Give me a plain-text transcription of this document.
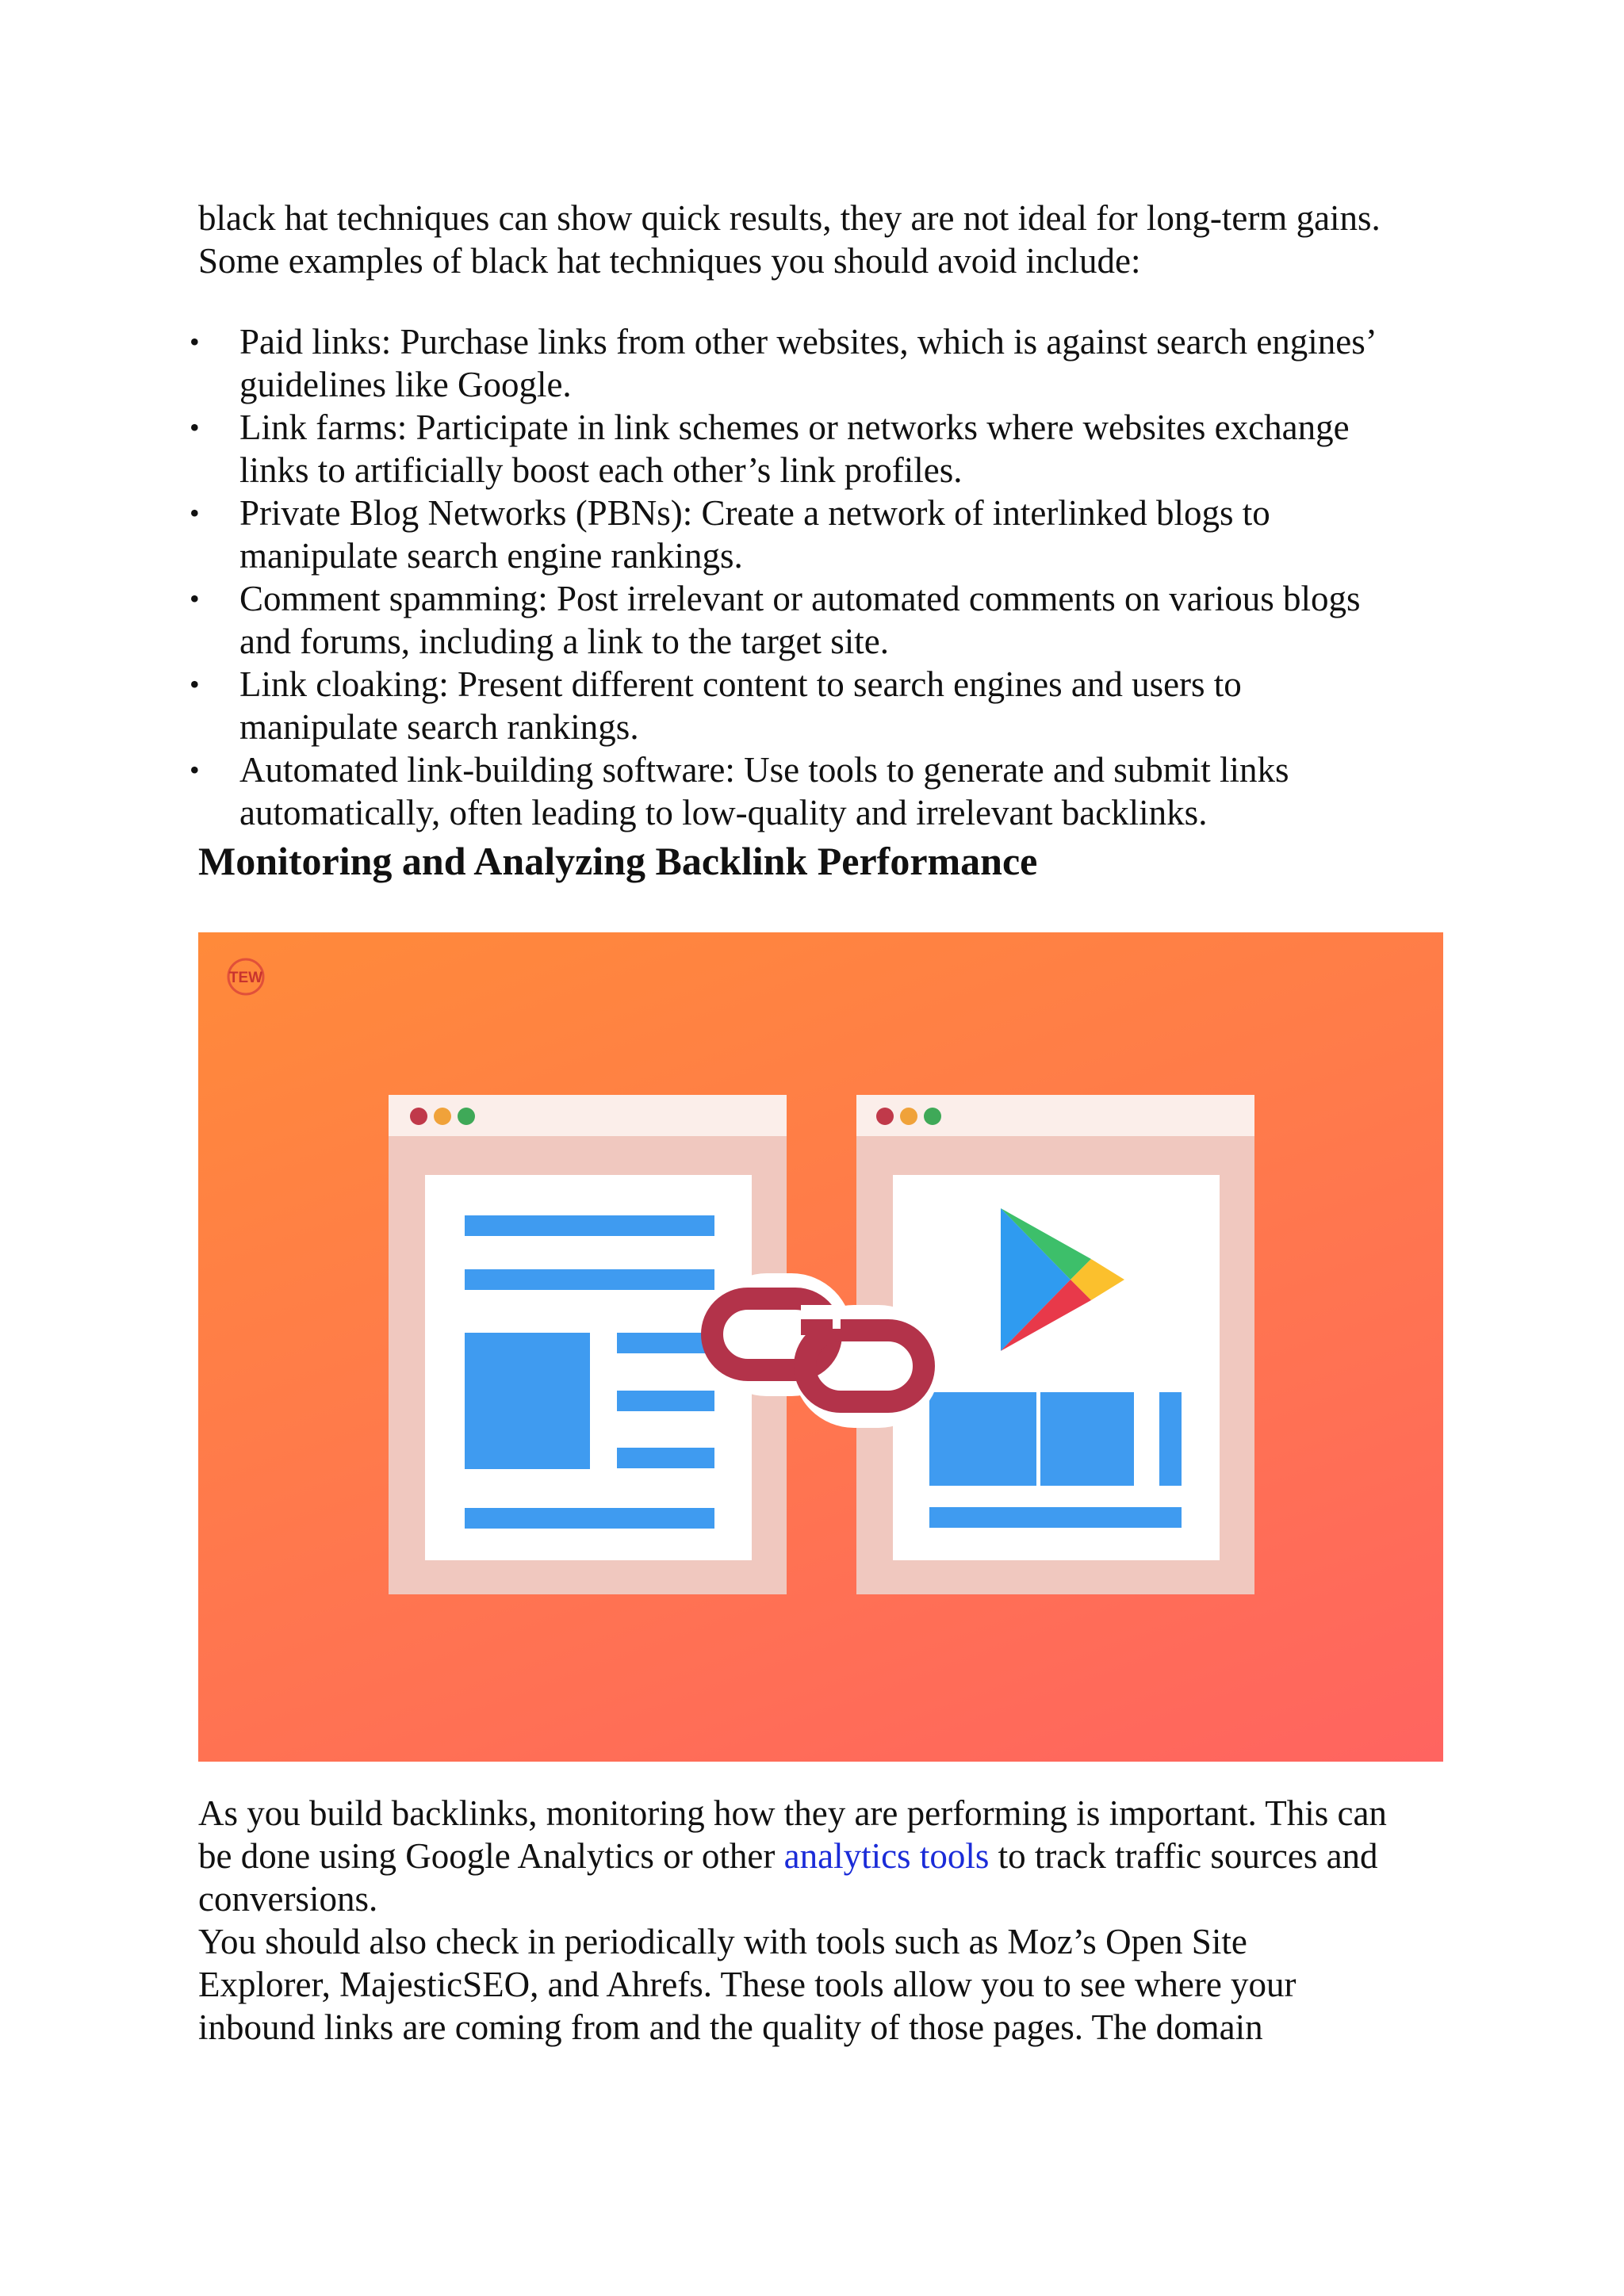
black hat techniques can show quick results, they are not ideal for long-term gains.
Some examples of black hat techniques you should avoid include:

• Paid links: Purchase links from other websites, which is against search engines’
guidelines like Google.
• Link farms: Participate in link schemes or networks where websites exchange
links to artificially boost each other’s link profiles.
• Private Blog Networks (PBNs): Create a network of interlinked blogs to
manipulate search engine rankings.
• Comment spamming: Post irrelevant or automated comments on various blogs
and forums, including a link to the target site.
• Link cloaking: Present different content to search engines and users to
manipulate search rankings.
• Automated link-building software: Use tools to generate and submit links
automatically, often leading to low-quality and irrelevant backlinks.
Monitoring and Analyzing Backlink Performance
TEW

As you build backlinks, monitoring how they are performing is important. This can
be done using Google Analytics or other analytics tools to track traffic sources and
conversions.

You should also check in periodically with tools such as Moz’s Open Site
Explorer, MajesticSEO, and Ahrefs. These tools allow you to see where your
inbound links are coming from and the quality of those pages. The domain
